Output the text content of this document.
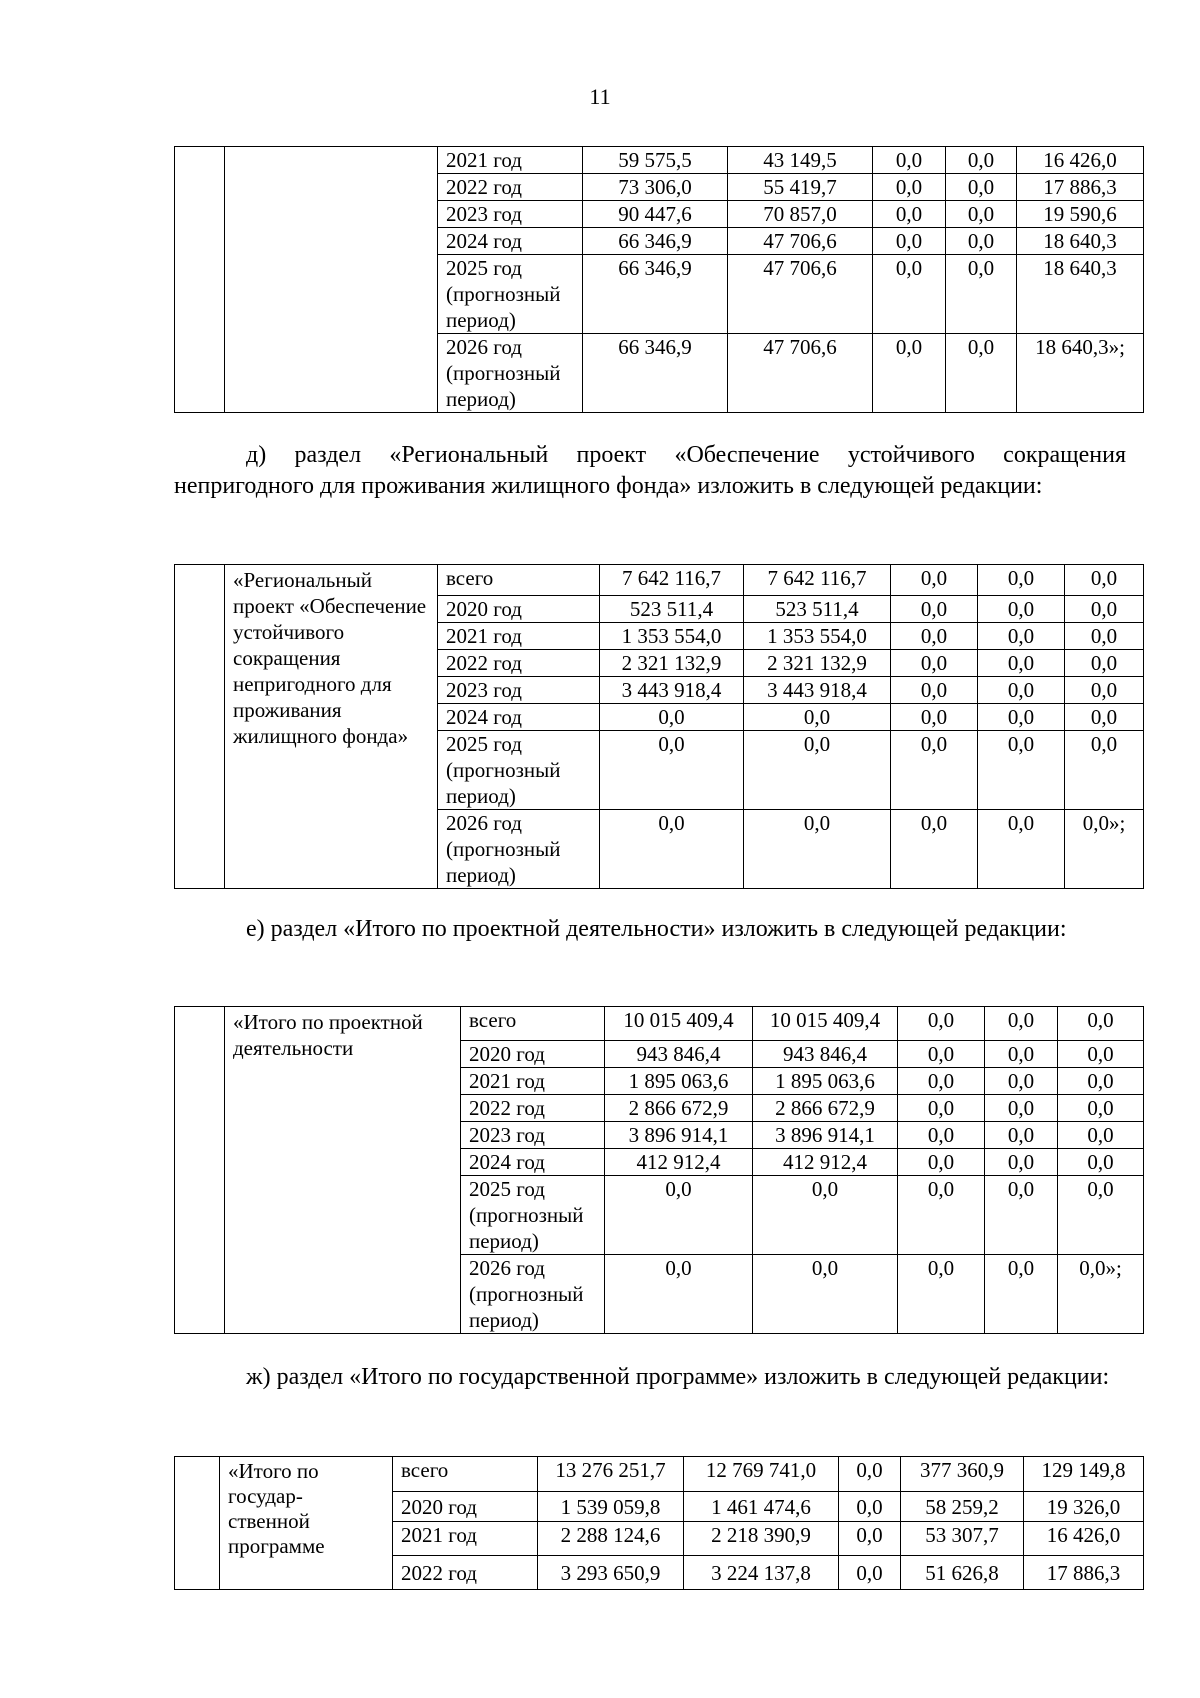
11
		2021 год	59 575,5	43 149,5	0,0	0,0	16 426,0
		2022 год	73 306,0	55 419,7	0,0	0,0	17 886,3
		2023 год	90 447,6	70 857,0	0,0	0,0	19 590,6
		2024 год	66 346,9	47 706,6	0,0	0,0	18 640,3
		2025 год (прогнозный период)	66 346,9	47 706,6	0,0	0,0	18 640,3
		2026 год (прогнозный период)	66 346,9	47 706,6	0,0	0,0	18 640,3»;

д) раздел «Региональный проект «Обеспечение устойчивого сокращения непригодного для проживания жилищного фонда» изложить в следующей редакции:

	«Региональный проект «Обеспечение устойчивого сокращения непригодного для проживания жилищного фонда»	всего	7 642 116,7	7 642 116,7	0,0	0,0	0,0
		2020 год	523 511,4	523 511,4	0,0	0,0	0,0
		2021 год	1 353 554,0	1 353 554,0	0,0	0,0	0,0
		2022 год	2 321 132,9	2 321 132,9	0,0	0,0	0,0
		2023 год	3 443 918,4	3 443 918,4	0,0	0,0	0,0
		2024 год	0,0	0,0	0,0	0,0	0,0
		2025 год (прогнозный период)	0,0	0,0	0,0	0,0	0,0
		2026 год (прогнозный период)	0,0	0,0	0,0	0,0	0,0»;

е) раздел «Итого по проектной деятельности» изложить в следующей редакции:

	«Итого по проектной деятельности	всего	10 015 409,4	10 015 409,4	0,0	0,0	0,0
		2020 год	943 846,4	943 846,4	0,0	0,0	0,0
		2021 год	1 895 063,6	1 895 063,6	0,0	0,0	0,0
		2022 год	2 866 672,9	2 866 672,9	0,0	0,0	0,0
		2023 год	3 896 914,1	3 896 914,1	0,0	0,0	0,0
		2024 год	412 912,4	412 912,4	0,0	0,0	0,0
		2025 год (прогнозный период)	0,0	0,0	0,0	0,0	0,0
		2026 год (прогнозный период)	0,0	0,0	0,0	0,0	0,0»;

ж) раздел «Итого по государственной программе» изложить в следующей редакции:

	«Итого по государ-ственной программе	всего	13 276 251,7	12 769 741,0	0,0	377 360,9	129 149,8
		2020 год	1 539 059,8	1 461 474,6	0,0	58 259,2	19 326,0
		2021 год	2 288 124,6	2 218 390,9	0,0	53 307,7	16 426,0
		2022 год	3 293 650,9	3 224 137,8	0,0	51 626,8	17 886,3
